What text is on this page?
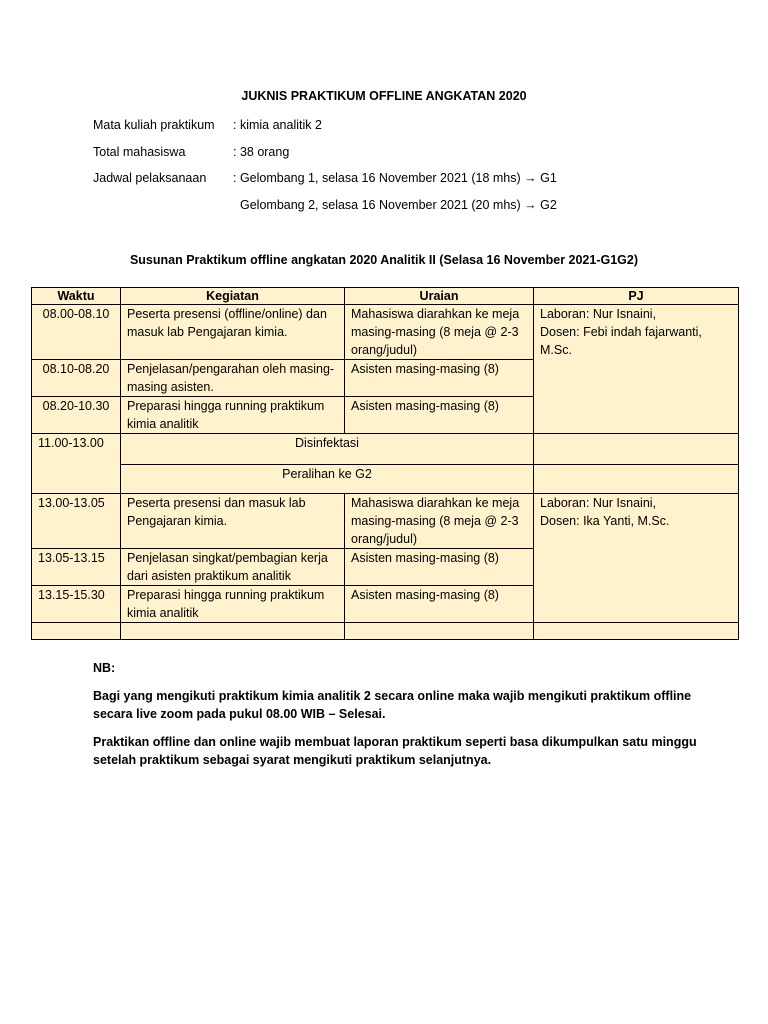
JUKNIS PRAKTIKUM OFFLINE ANGKATAN 2020
Mata kuliah praktikum : kimia analitik 2
Total mahasiswa	: 38 orang
Jadwal pelaksanaan : Gelombang 1, selasa 16 November 2021 (18 mhs) → G1
Gelombang 2, selasa 16 November 2021 (20 mhs) → G2
Susunan Praktikum offline angkatan 2020 Analitik II (Selasa 16 November 2021-G1G2)
Waktu	Kegiatan	Uraian	PJ
08.00-08.10	Peserta presensi (offline/online) dan masuk lab Pengajaran kimia.	Mahasiswa diarahkan ke meja masing-masing (8 meja @ 2-3 orang/judul)	Laboran: Nur Isnaini,
Dosen: Febi indah fajarwanti,
M.Sc.

08.10-08.20	Penjelasan/pengarahan oleh masing-masing asisten.	Asisten masing-masing (8)	
08.20-10.30	Preparasi hingga running praktikum kimia analitik	Asisten masing-masing (8)	
11.00-13.00	Disinfektasi		
	Peralihan ke G2		
13.00-13.05	Peserta presensi dan masuk lab Pengajaran kimia.	Mahasiswa diarahkan ke meja masing-masing (8 meja @ 2-3 orang/judul)	Laboran: Nur Isnaini,
Dosen: Ika Yanti, M.Sc.

13.05-13.15	Penjelasan singkat/pembagian kerja dari asisten praktikum analitik	Asisten masing-masing (8)	
13.15-15.30	Preparasi hingga running praktikum kimia analitik	Asisten masing-masing (8)	

NB:
Bagi yang mengikuti praktikum kimia analitik 2 secara online maka wajib mengikuti praktikum offline secara live zoom pada pukul 08.00 WIB – Selesai.
Praktikan offline dan online wajib membuat laporan praktikum seperti basa dikumpulkan satu minggu setelah praktikum sebagai syarat mengikuti praktikum selanjutnya.
